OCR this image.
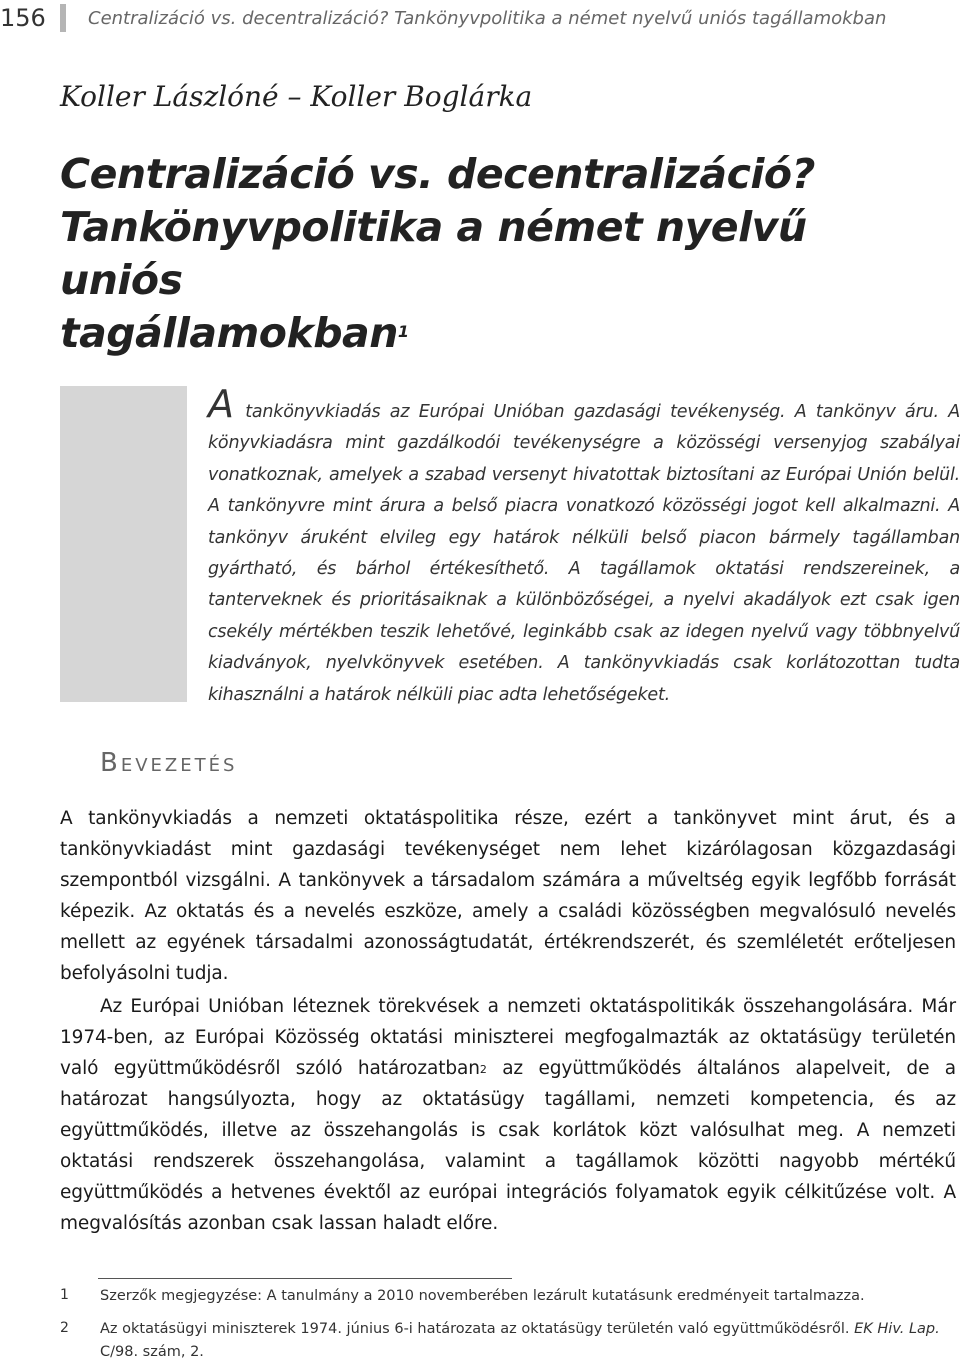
156 Centralizáció vs. decentralizáció? Tankönyvpolitika a német nyelvű uniós tagállamokban
Koller Lászlóné – Koller Boglárka
Centralizáció vs. decentralizáció?
Tankönyvpolitika a német nyelvű uniós
tagállamokban$^1$
A tankönyvkiadás az Európai Unióban gazdasági tevékenység. A tankönyv áru. A könyvkiadásra mint gazdálkodói tevékenységre a közösségi versenyjog szabályai vonatkoznak, amelyek a szabad versenyt hivatottak biztosítani az Európai Unión belül. A tankönyvre mint árura a belső piacra vonatkozó közösségi jogot kell alkalmazni. A tankönyv áruként elvileg egy határok nélküli belső piacon bármely tagállamban gyártható, és bárhol értékesíthető. A tagállamok oktatási rendszereinek, a tanterveknek és prioritásaiknak a különbözőségei, a nyelvi akadályok ezt csak igen csekély mértékben teszik lehetővé, leginkább csak az idegen nyelvű vagy többnyelvű kiadványok, nyelvkönyvek esetében. A tankönyvkiadás csak korlátozottan tudta kihasználni a határok nélküli piac adta lehetőségeket.
Bevezetés
A tankönyvkiadás a nemzeti oktatáspolitika része, ezért a tankönyvet mint árut, és a tankönyvkiadást mint gazdasági tevékenységet nem lehet kizárólagosan közgazdasági szempontból vizsgálni. A tankönyvek a társadalom számára a műveltség egyik legfőbb forrását képezik. Az oktatás és a nevelés eszköze, amely a családi közösségben megvalósuló nevelés mellett az egyének társadalmi azonosságtudatát, értékrendszerét, és szemléletét erőteljesen befolyásolni tudja.
Az Európai Unióban léteznek törekvések a nemzeti oktatáspolitikák összehangolására. Már 1974-ben, az Európai Közösség oktatási miniszterei megfogalmazták az oktatásügy területén való együttműködésről szóló határozatban$^2$ az együttműködés általános alapelveit, de a határozat hangsúlyozta, hogy az oktatásügy tagállami, nemzeti kompetencia, és az együttműködés, illetve az összehangolás is csak korlátok közt valósulhat meg. A nemzeti oktatási rendszerek összehangolása, valamint a tagállamok közötti nagyobb mértékű együttműködés a hetvenes évektől az európai integrációs folyamatok egyik célkitűzése volt. A megvalósítás azonban csak lassan haladt előre.
1 Szerzők megjegyzése: A tanulmány a 2010 novemberében lezárult kutatásunk eredményeit tartalmazza.
2 Az oktatásügyi miniszterek 1974. június 6-i határozata az oktatásügy területén való együttműködésről. EK Hiv. Lap. C/98. szám, 2.
